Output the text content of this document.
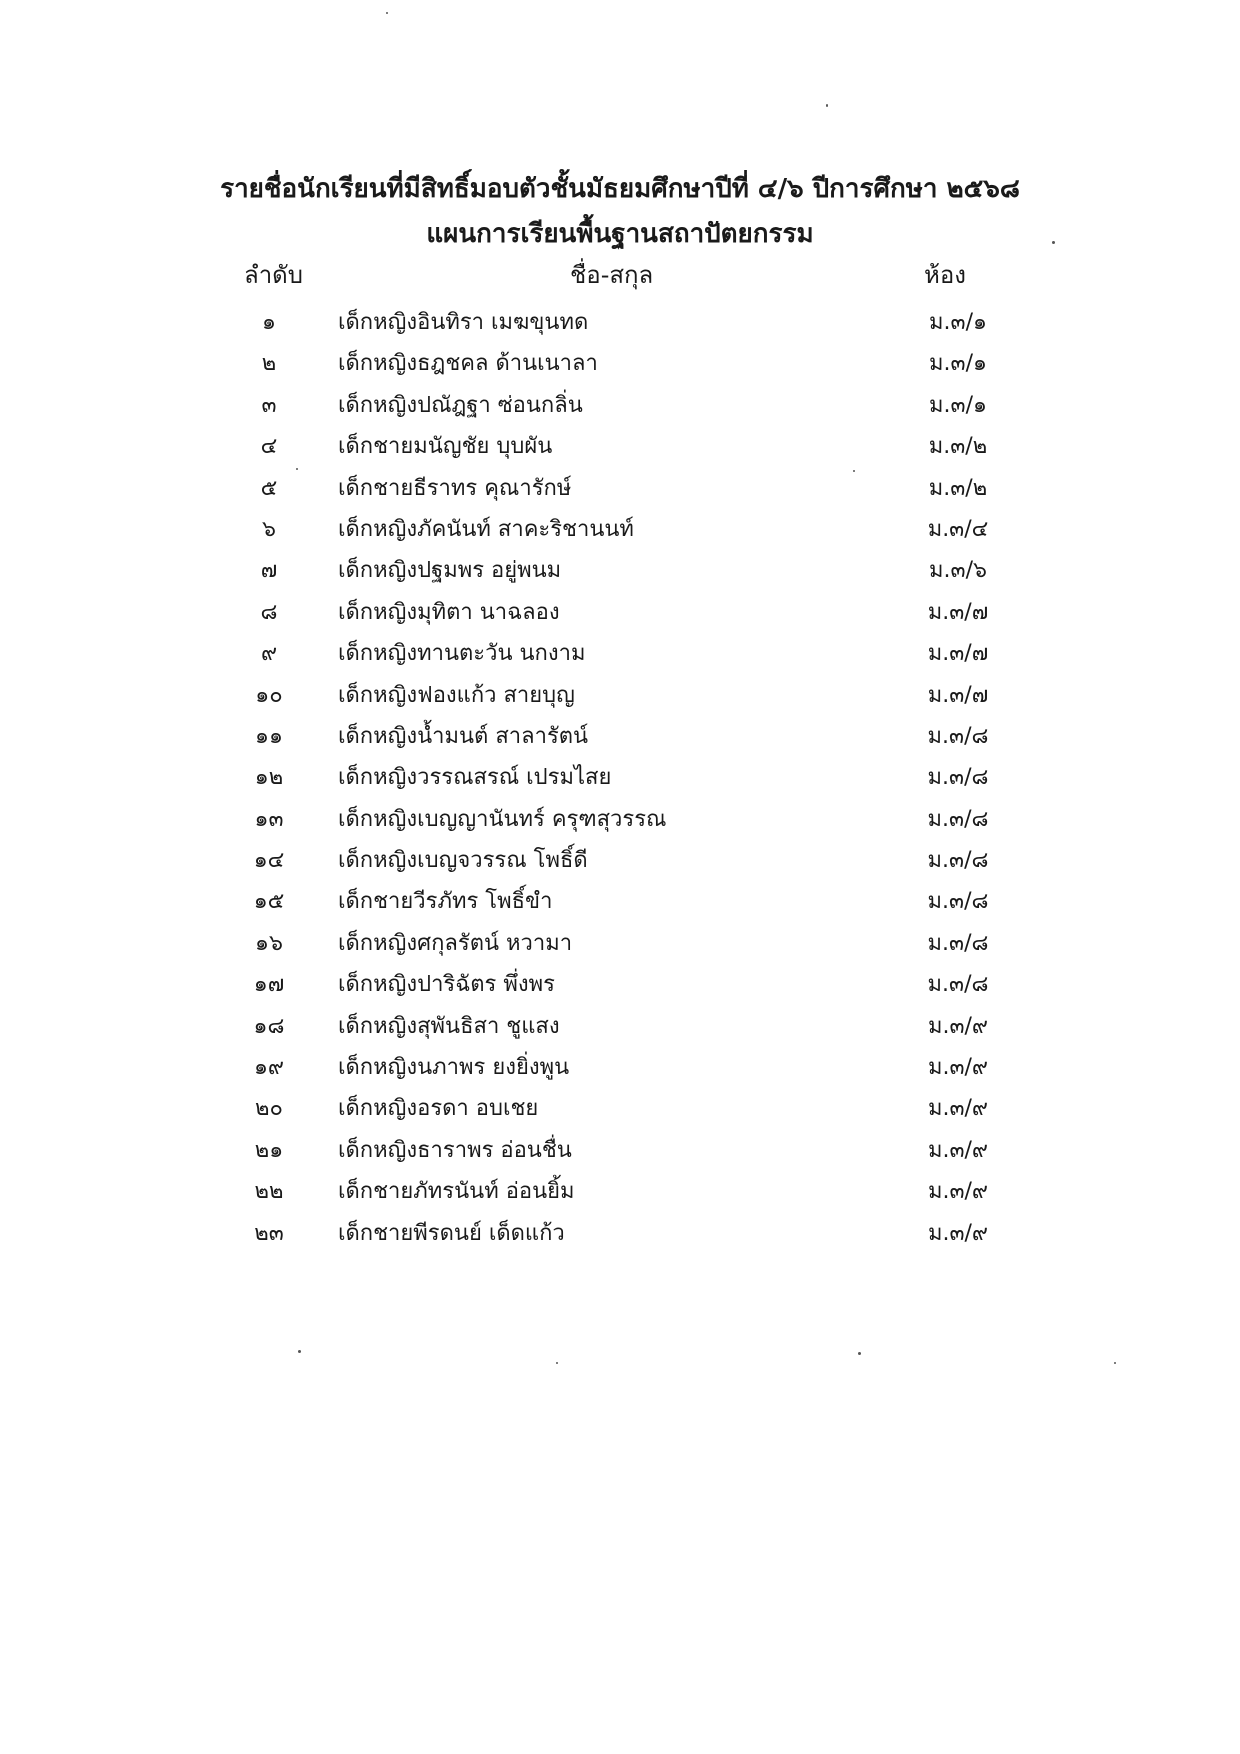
รายชื่อนักเรียนที่มีสิทธิ์มอบตัวชั้นมัธยมศึกษาปีที่ ๔/๖ ปีการศึกษา ๒๕๖๘
แผนการเรียนพื้นฐานสถาปัตยกรรม
ลำดับ	ชื่อ-สกุล	ห้อง
๑	เด็กหญิงอินทิรา เมฆขุนทด	ม.๓/๑
๒	เด็กหญิงธฎชคล ด้านเนาลา	ม.๓/๑
๓	เด็กหญิงปณัฎฐา ซ่อนกลิ่น	ม.๓/๑
๔	เด็กชายมนัญชัย บุบผัน	ม.๓/๒
๕	เด็กชายธีราทร คุณารักษ์	ม.๓/๒
๖	เด็กหญิงภัคนันท์ สาคะริชานนท์	ม.๓/๔
๗	เด็กหญิงปฐมพร อยู่พนม	ม.๓/๖
๘	เด็กหญิงมุทิตา นาฉลอง	ม.๓/๗
๙	เด็กหญิงทานตะวัน นกงาม	ม.๓/๗
๑๐	เด็กหญิงฟองแก้ว สายบุญ	ม.๓/๗
๑๑	เด็กหญิงน้ำมนต์ สาลารัตน์	ม.๓/๘
๑๒	เด็กหญิงวรรณสรณ์ เปรมไสย	ม.๓/๘
๑๓	เด็กหญิงเบญญานันทร์ ครุฑสุวรรณ	ม.๓/๘
๑๔	เด็กหญิงเบญจวรรณ โพธิ์ดี	ม.๓/๘
๑๕	เด็กชายวีรภัทร โพธิ์ขำ	ม.๓/๘
๑๖	เด็กหญิงศกุลรัตน์ หวามา	ม.๓/๘
๑๗	เด็กหญิงปาริฉัตร พึ่งพร	ม.๓/๘
๑๘	เด็กหญิงสุพันธิสา ชูแสง	ม.๓/๙
๑๙	เด็กหญิงนภาพร ยงยิ่งพูน	ม.๓/๙
๒๐	เด็กหญิงอรดา อบเชย	ม.๓/๙
๒๑	เด็กหญิงธาราพร อ่อนชื่น	ม.๓/๙
๒๒	เด็กชายภัทรนันท์ อ่อนยิ้ม	ม.๓/๙
๒๓	เด็กชายพีรดนย์ เด็ดแก้ว	ม.๓/๙
